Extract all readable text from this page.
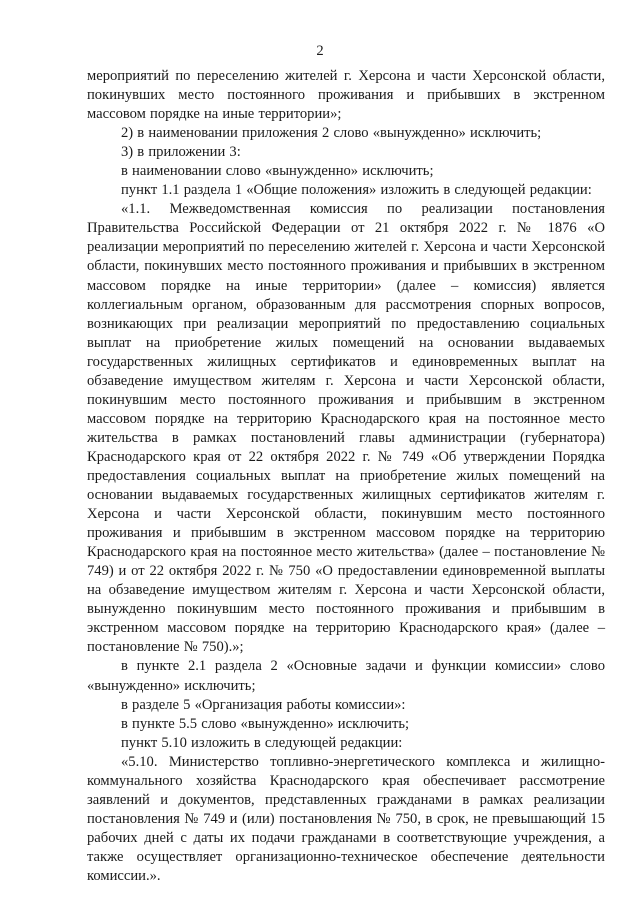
2

мероприятий по переселению жителей г. Херсона и части Херсонской области, покинувших место постоянного проживания и прибывших в экстренном массовом порядке на иные территории»;

2) в наименовании приложения 2 слово «вынужденно» исключить;

3) в приложении 3:

в наименовании слово «вынужденно» исключить;

пункт 1.1 раздела 1 «Общие положения» изложить в следующей редакции:

«1.1. Межведомственная комиссия по реализации постановления Правительства Российской Федерации от 21 октября 2022 г. № 1876 «О реализации мероприятий по переселению жителей г. Херсона и части Херсонской области, покинувших место постоянного проживания и прибывших в экстренном массовом порядке на иные территории» (далее – комиссия) является коллегиальным органом, образованным для рассмотрения спорных вопросов, возникающих при реализации мероприятий по предоставлению социальных выплат на приобретение жилых помещений на основании выдаваемых государственных жилищных сертификатов и единовременных выплат на обзаведение имуществом жителям г. Херсона и части Херсонской области, покинувшим место постоянного проживания и прибывшим в экстренном массовом порядке на территорию Краснодарского края на постоянное место жительства в рамках постановлений главы администрации (губернатора) Краснодарского края от 22 октября 2022 г. № 749 «Об утверждении Порядка предоставления социальных выплат на приобретение жилых помещений на основании выдаваемых государственных жилищных сертификатов жителям г. Херсона и части Херсонской области, покинувшим место постоянного проживания и прибывшим в экстренном массовом порядке на территорию Краснодарского края на постоянное место жительства» (далее – постановление № 749) и от 22 октября 2022 г. № 750 «О предоставлении единовременной выплаты на обзаведение имуществом жителям г. Херсона и части Херсонской области, вынужденно покинувшим место постоянного проживания и прибывшим в экстренном массовом порядке на территорию Краснодарского края» (далее – постановление № 750).»;

в пункте 2.1 раздела 2 «Основные задачи и функции комиссии» слово «вынужденно» исключить;

в разделе 5 «Организация работы комиссии»:

в пункте 5.5 слово «вынужденно» исключить;

пункт 5.10 изложить в следующей редакции:

«5.10. Министерство топливно-энергетического комплекса и жилищно-коммунального хозяйства Краснодарского края обеспечивает рассмотрение заявлений и документов, представленных гражданами в рамках реализации постановления № 749 и (или) постановления № 750, в срок, не превышающий 15 рабочих дней с даты их подачи гражданами в соответствующие учреждения, а также осуществляет организационно-техническое обеспечение деятельности комиссии.».
